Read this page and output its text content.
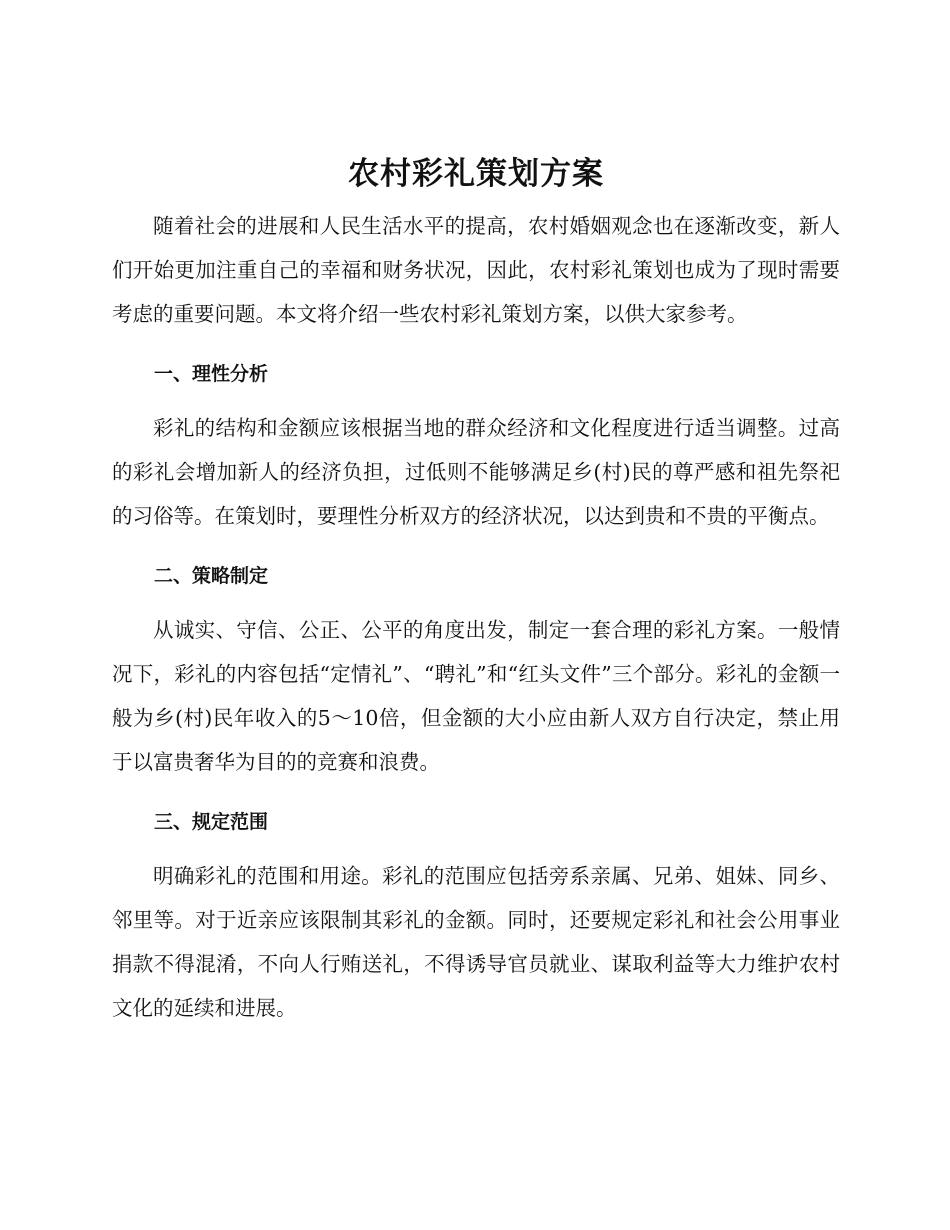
农村彩礼策划方案

随着社会的进展和人民生活水平的提高，农村婚姻观念也在逐渐改变，新人们开始更加注重自己的幸福和财务状况，因此，农村彩礼策划也成为了现时需要考虑的重要问题。本文将介绍一些农村彩礼策划方案，以供大家参考。

一、理性分析

彩礼的结构和金额应该根据当地的群众经济和文化程度进行适当调整。过高的彩礼会增加新人的经济负担，过低则不能够满足乡(村)民的尊严感和祖先祭祀的习俗等。在策划时，要理性分析双方的经济状况，以达到贵和不贵的平衡点。

二、策略制定

从诚实、守信、公正、公平的角度出发，制定一套合理的彩礼方案。一般情况下，彩礼的内容包括“定情礼”、“聘礼”和“红头文件”三个部分。彩礼的金额一般为乡(村)民年收入的5～10倍，但金额的大小应由新人双方自行决定，禁止用于以富贵奢华为目的的竞赛和浪费。

三、规定范围

明确彩礼的范围和用途。彩礼的范围应包括旁系亲属、兄弟、姐妹、同乡、邻里等。对于近亲应该限制其彩礼的金额。同时，还要规定彩礼和社会公用事业捐款不得混淆，不向人行贿送礼，不得诱导官员就业、谋取利益等大力维护农村文化的延续和进展。
